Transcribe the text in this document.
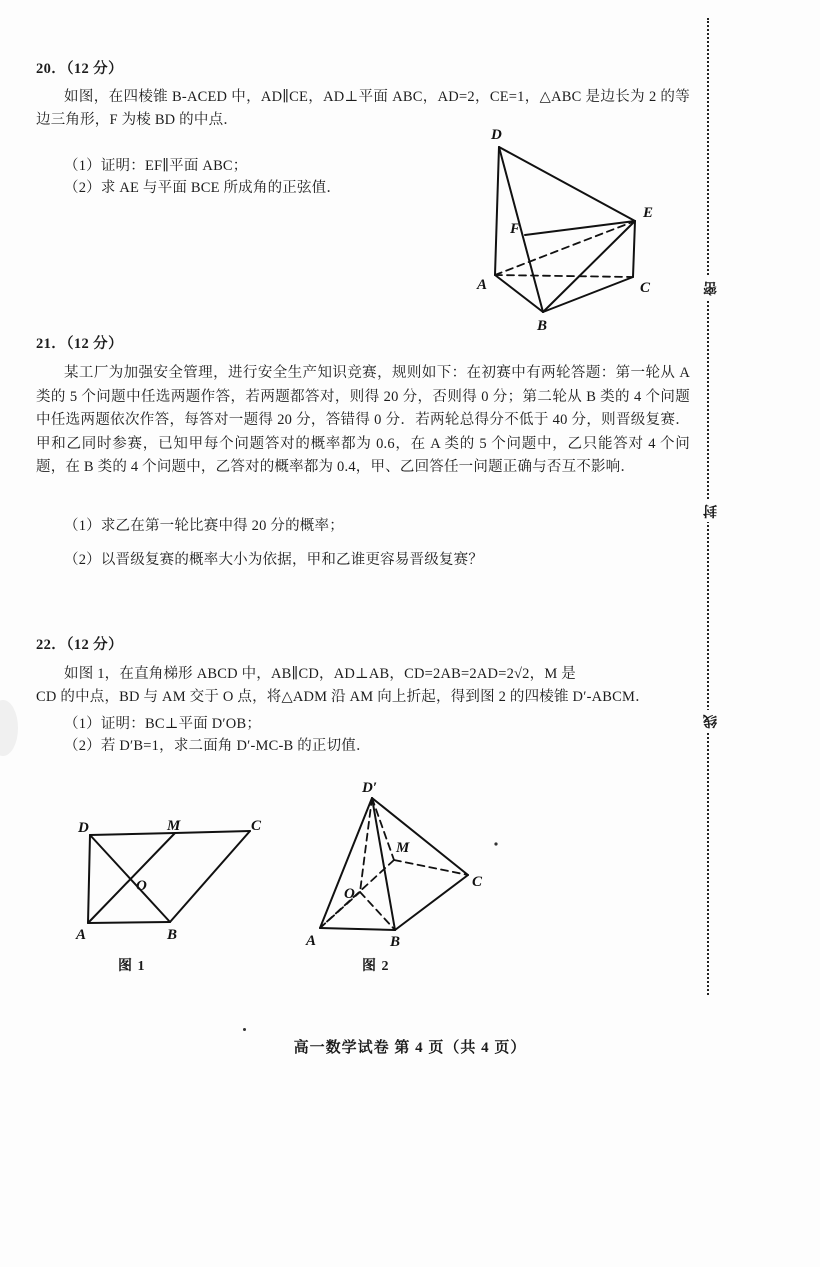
密
封
线
20．（12 分）
如图，在四棱锥 B-ACED 中，AD∥CE，AD⊥平面 ABC，AD=2，CE=1，△ABC 是边长为 2 的等边三角形，F 为棱 BD 的中点．
（1）证明：EF∥平面 ABC；
（2）求 AE 与平面 BCE 所成角的正弦值．
D
E
F
A	C
B
21．（12 分）
某工厂为加强安全管理，进行安全生产知识竞赛，规则如下：在初赛中有两轮答题：第一轮从 A 类的 5 个问题中任选两题作答，若两题都答对，则得 20 分，否则得 0 分；第二轮从 B 类的 4 个问题中任选两题依次作答，每答对一题得 20 分，答错得 0 分．若两轮总得分不低于 40 分，则晋级复赛．甲和乙同时参赛，已知甲每个问题答对的概率都为 0.6，在 A 类的 5 个问题中，乙只能答对 4 个问题，在 B 类的 4 个问题中，乙答对的概率都为 0.4，甲、乙回答任一问题正确与否互不影响．
（1）求乙在第一轮比赛中得 20 分的概率；
（2）以晋级复赛的概率大小为依据，甲和乙谁更容易晋级复赛？
22．（12 分）
如图 1，在直角梯形 ABCD 中，AB∥CD，AD⊥AB，CD=2AB=2AD=2√2，M 是
CD 的中点，BD 与 AM 交于 O 点，将△ADM 沿 AM 向上折起，得到图 2 的四棱锥 D′-ABCM．
（1）证明：BC⊥平面 D′OB；
（2）若 D′B=1，求二面角 D′-MC-B 的正切值．
D	M	C
O
A	B
图 1
D′
M
C
O
A	B
图 2
高一数学试卷 第 4 页（共 4 页）
